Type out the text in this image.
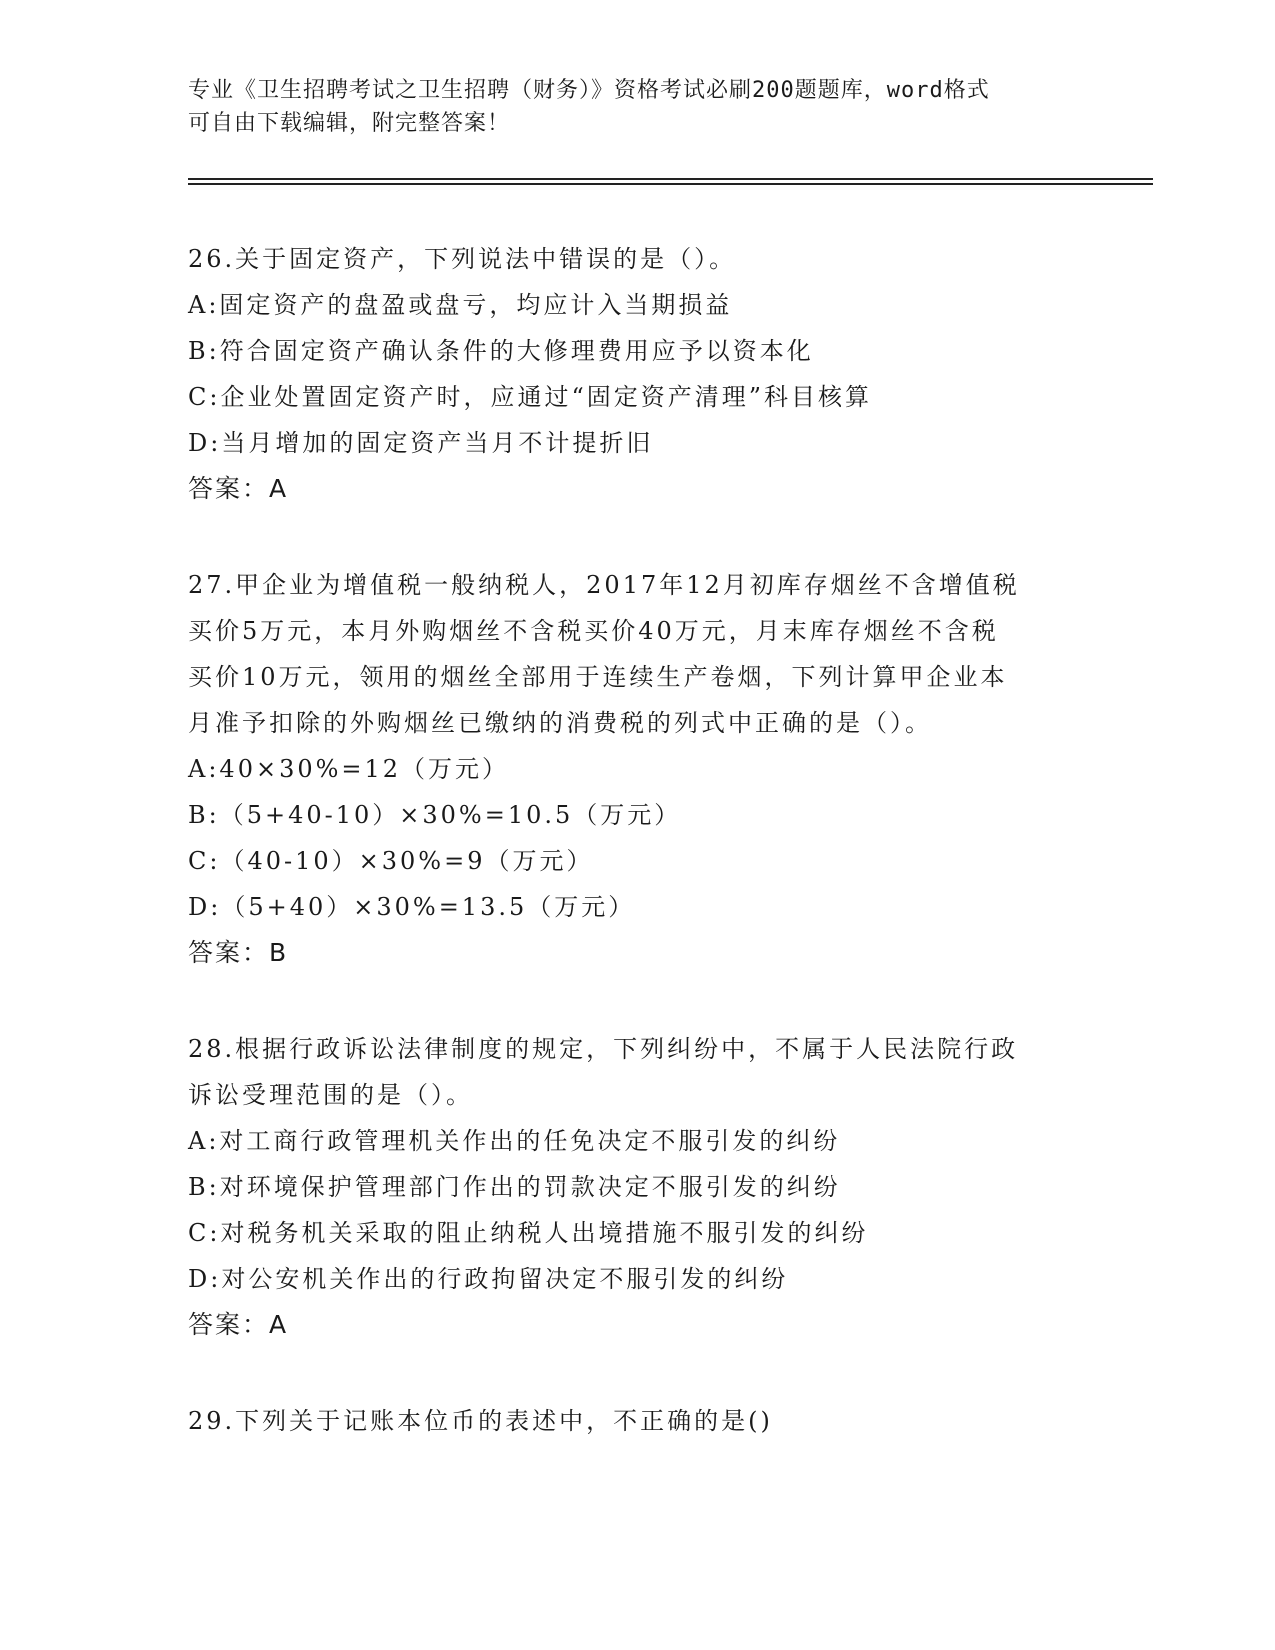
专业《卫生招聘考试之卫生招聘（财务）》资格考试必刷200题题库，word格式
可自由下载编辑，附完整答案！
26.关于固定资产，下列说法中错误的是（）。
A:固定资产的盘盈或盘亏，均应计入当期损益
B:符合固定资产确认条件的大修理费用应予以资本化
C:企业处置固定资产时，应通过“固定资产清理”科目核算
D:当月增加的固定资产当月不计提折旧
答案：A
27.甲企业为增值税一般纳税人，2017年12月初库存烟丝不含增值税
买价5万元，本月外购烟丝不含税买价40万元，月末库存烟丝不含税
买价10万元，领用的烟丝全部用于连续生产卷烟，下列计算甲企业本
月准予扣除的外购烟丝已缴纳的消费税的列式中正确的是（）。
A:40×30%=12（万元）
B:（5+40-10）×30%=10.5（万元）
C:（40-10）×30%=9（万元）
D:（5+40）×30%=13.5（万元）
答案：B
28.根据行政诉讼法律制度的规定，下列纠纷中，不属于人民法院行政
诉讼受理范围的是（）。
A:对工商行政管理机关作出的任免决定不服引发的纠纷
B:对环境保护管理部门作出的罚款决定不服引发的纠纷
C:对税务机关采取的阻止纳税人出境措施不服引发的纠纷
D:对公安机关作出的行政拘留决定不服引发的纠纷
答案：A
29.下列关于记账本位币的表述中，不正确的是()
